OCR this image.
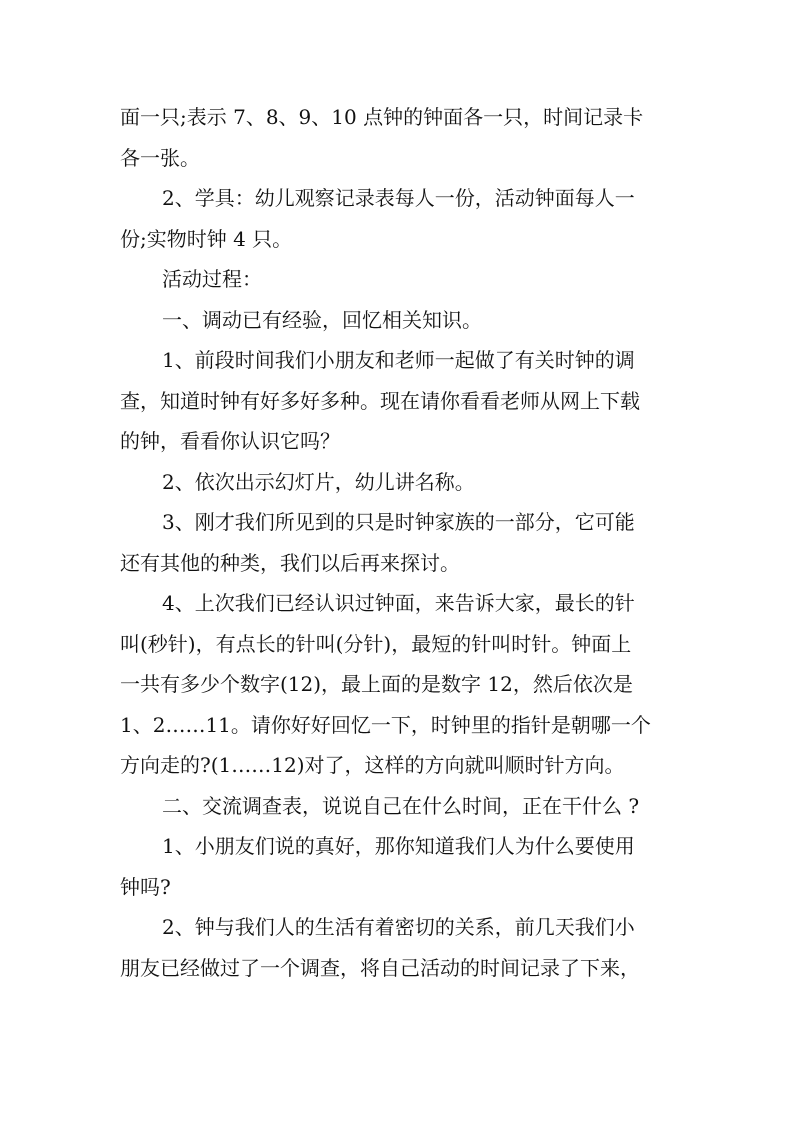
面一只;表示 7、8、9、10 点钟的钟面各一只，时间记录卡
各一张。
2、学具：幼儿观察记录表每人一份，活动钟面每人一
份;实物时钟 4 只。
活动过程：
一、调动已有经验，回忆相关知识。
1、前段时间我们小朋友和老师一起做了有关时钟的调
查，知道时钟有好多好多种。现在请你看看老师从网上下载
的钟，看看你认识它吗？
2、依次出示幻灯片，幼儿讲名称。
3、刚才我们所见到的只是时钟家族的一部分，它可能
还有其他的种类，我们以后再来探讨。
4、上次我们已经认识过钟面，来告诉大家，最长的针
叫(秒针)，有点长的针叫(分针)，最短的针叫时针。钟面上
一共有多少个数字(12)，最上面的是数字 12，然后依次是
1、2……11。请你好好回忆一下，时钟里的指针是朝哪一个
方向走的?(1……12)对了，这样的方向就叫顺时针方向。
二、交流调查表，说说自己在什么时间，正在干什么 ?
1、小朋友们说的真好，那你知道我们人为什么要使用
钟吗?
2、钟与我们人的生活有着密切的关系，前几天我们小
朋友已经做过了一个调查，将自己活动的时间记录了下来，
